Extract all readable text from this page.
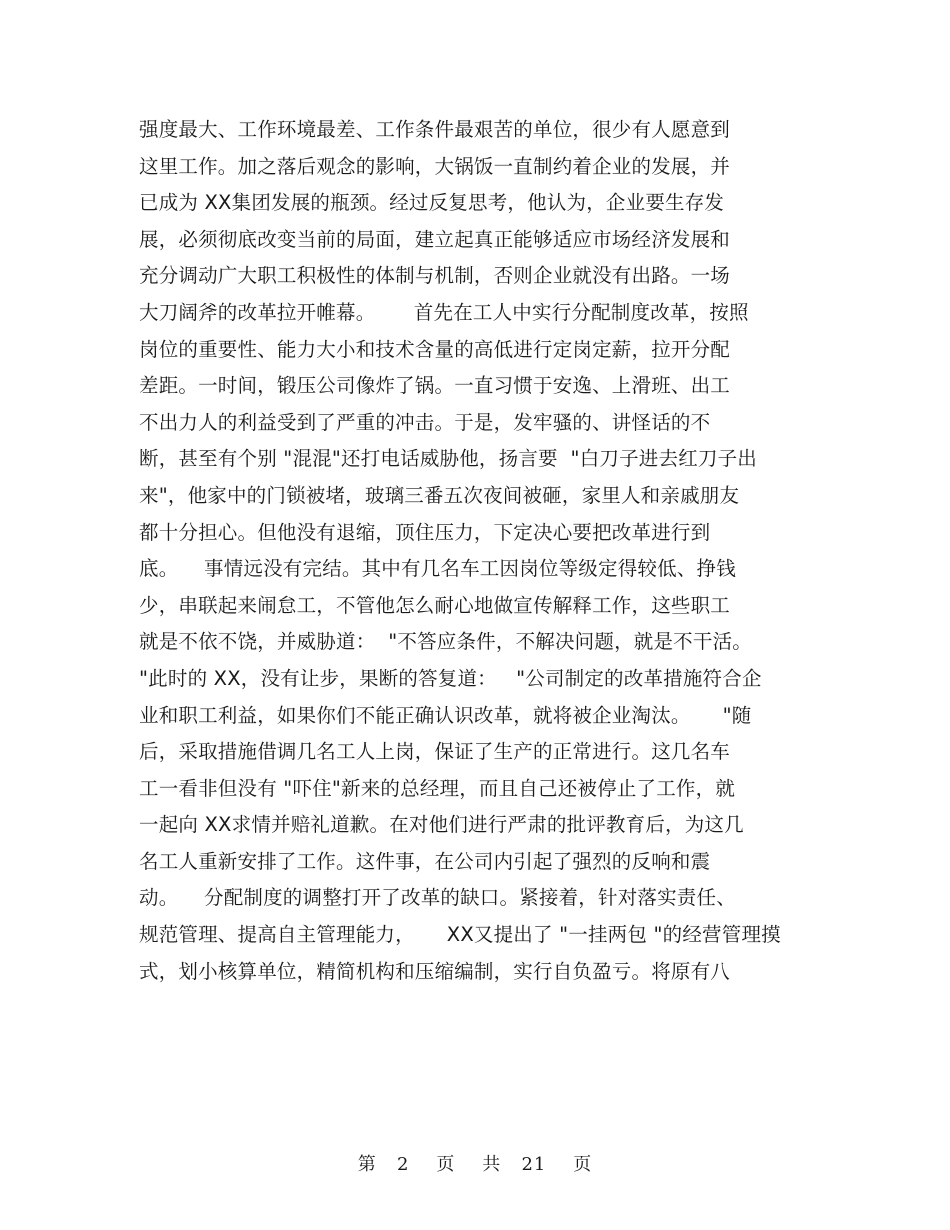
强度最大、工作环境最差、工作条件最艰苦的单位，很少有人愿意到
这里工作。加之落后观念的影响，大锅饭一直制约着企业的发展，并
已成为 XX集团发展的瓶颈。经过反复思考，他认为，企业要生存发
展，必须彻底改变当前的局面，建立起真正能够适应市场经济发展和
充分调动广大职工积极性的体制与机制，否则企业就没有出路。一场
大刀阔斧的改革拉开帷幕。      首先在工人中实行分配制度改革，按照
岗位的重要性、能力大小和技术含量的高低进行定岗定薪，拉开分配
差距。一时间，锻压公司像炸了锅。一直习惯于安逸、上滑班、出工
不出力人的利益受到了严重的冲击。于是，发牢骚的、讲怪话的不
断，甚至有个别 "混混"还打电话威胁他，扬言要  "白刀子进去红刀子出
来"，他家中的门锁被堵，玻璃三番五次夜间被砸，家里人和亲戚朋友
都十分担心。但他没有退缩，顶住压力，下定决心要把改革进行到
底。    事情远没有完结。其中有几名车工因岗位等级定得较低、挣钱
少，串联起来闹怠工，不管他怎么耐心地做宣传解释工作，这些职工
就是不依不饶，并威胁道：  "不答应条件，不解决问题，就是不干活。
"此时的 XX，没有让步，果断的答复道：   "公司制定的改革措施符合企
业和职工利益，如果你们不能正确认识改革，就将被企业淘汰。     "随
后，采取措施借调几名工人上岗，保证了生产的正常进行。这几名车
工一看非但没有 "吓住"新来的总经理，而且自己还被停止了工作，就
一起向 XX求情并赔礼道歉。在对他们进行严肃的批评教育后，为这几
名工人重新安排了工作。这件事，在公司内引起了强烈的反响和震
动。    分配制度的调整打开了改革的缺口。紧接着，针对落实责任、
规范管理、提高自主管理能力，     XX又提出了 "一挂两包 "的经营管理摸
式，划小核算单位，精简机构和压缩编制，实行自负盈亏。将原有八
第 2 页 共 21 页
